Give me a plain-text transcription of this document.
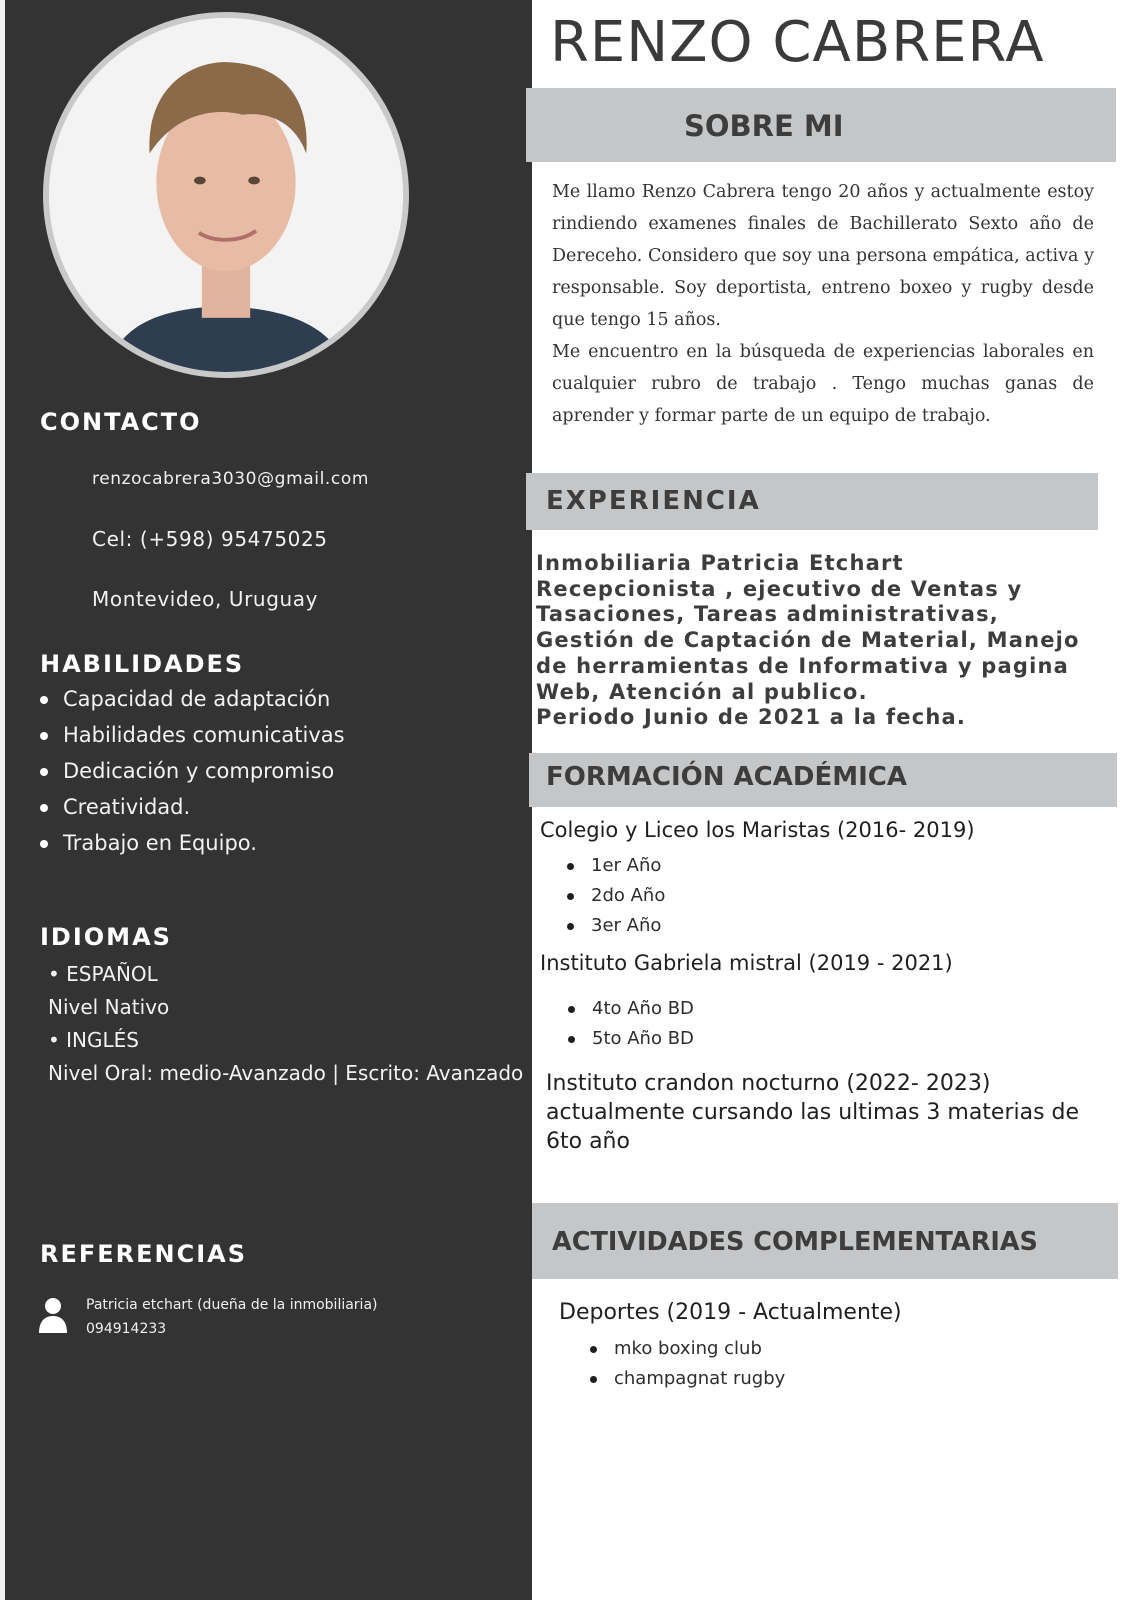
CONTACTO
renzocabrera3030@gmail.com
Cel: (+598) 95475025
Montevideo, Uruguay
HABILIDADES
Capacidad de adaptación
Habilidades comunicativas
Dedicación y compromiso
Creatividad.
Trabajo en Equipo.
IDIOMAS
• ESPAÑOL
Nivel Nativo
• INGLÉS
Nivel Oral: medio-Avanzado | Escrito: Avanzado
REFERENCIAS
Patricia etchart (dueña de la inmobiliaria)
094914233
RENZO CABRERA
SOBRE MI

Me llamo Renzo Cabrera tengo 20 años y actualmente estoy rindiendo examenes finales de Bachillerato Sexto año de Dereceho. Considero que soy una persona empática, activa y responsable. Soy deportista, entreno boxeo y rugby desde que tengo 15 años.

Me encuentro en la búsqueda de experiencias laborales en cualquier rubro de trabajo . Tengo muchas ganas de aprender y formar parte de un equipo de trabajo.

EXPERIENCIA
Inmobiliaria Patricia Etchart
Recepcionista , ejecutivo de Ventas y
Tasaciones, Tareas administrativas,
Gestión de Captación de Material, Manejo
de herramientas de Informativa y pagina
Web, Atención al publico.
Periodo Junio de 2021 a la fecha.
FORMACIÓN ACADÉMICA
Colegio y Liceo los Maristas (2016- 2019)
1er Año
2do Año
3er Año
Instituto Gabriela mistral (2019 - 2021)
4to Año BD
5to Año BD
Instituto crandon nocturno (2022- 2023)
actualmente cursando las ultimas 3 materias de
6to año
ACTIVIDADES COMPLEMENTARIAS
Deportes (2019 - Actualmente)
mko boxing club
champagnat rugby
